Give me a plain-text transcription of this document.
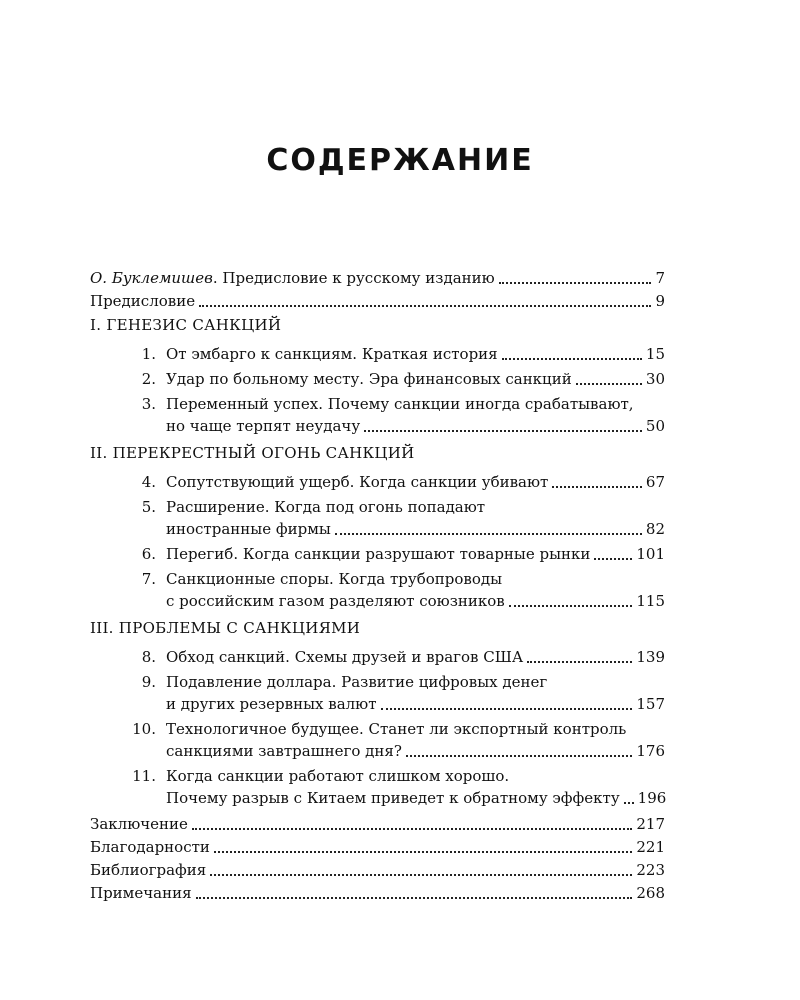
СОДЕРЖАНИЕ
О. Буклемишев. Предисловие к русскому изданию	7
Предисловие	9
I. ГЕНЕЗИС САНКЦИЙ
1. От эмбарго к санкциям. Краткая история	15
2. Удар по больному месту. Эра финансовых санкций	30
3. Переменный успех. Почему санкции иногда срабатывают,
но чаще терпят неудачу	50
II. ПЕРЕКРЕСТНЫЙ ОГОНЬ САНКЦИЙ
4. Сопутствующий ущерб. Когда санкции убивают	67
5. Расширение. Когда под огонь попадают
иностранные фирмы	82
6. Перегиб. Когда санкции разрушают товарные рынки	101
7. Санкционные споры. Когда трубопроводы
с российским газом разделяют союзников	115
III. ПРОБЛЕМЫ С САНКЦИЯМИ
8. Обход санкций. Схемы друзей и врагов США	139
9. Подавление доллара. Развитие цифровых денег
и других резервных валют	157
10. Технологичное будущее. Станет ли экспортный контроль
санкциями завтрашнего дня?	176
11. Когда санкции работают слишком хорошо.
Почему разрыв с Китаем приведет к обратному эффекту 196
Заключение	217
Благодарности	221
Библиография	223
Примечания	268
